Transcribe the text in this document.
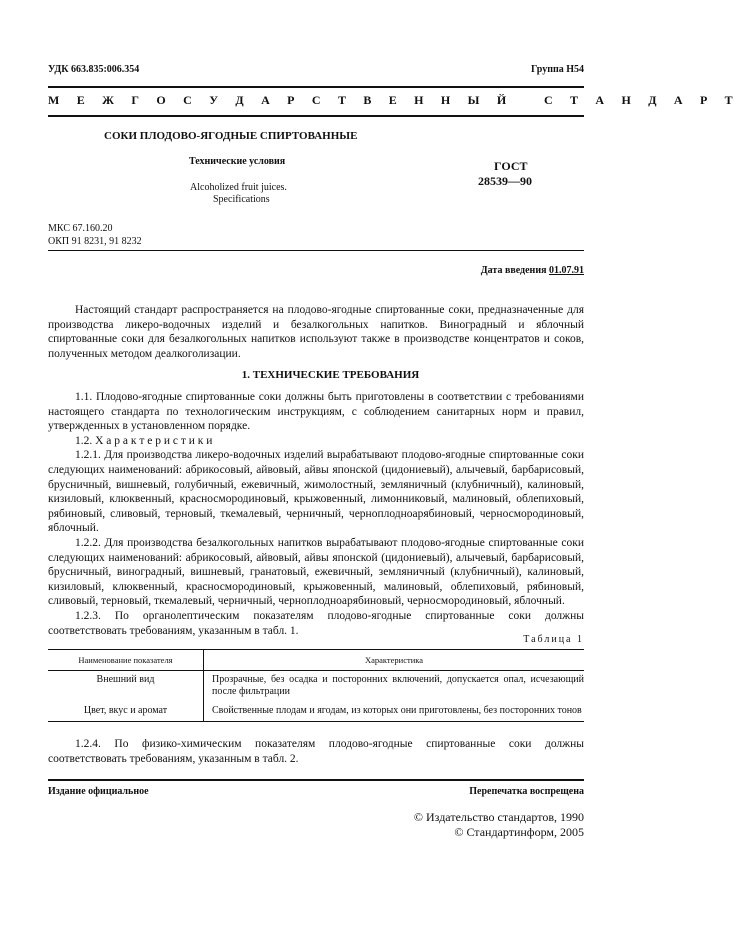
УДК 663.835:006.354	Группа Н54
М Е Ж Г О С У Д А Р С Т В Е Н Н Ы Й   С Т А Н Д А Р Т
СОКИ ПЛОДОВО-ЯГОДНЫЕ СПИРТОВАННЫЕ
Технические условия
Alcoholized fruit juices.
Specifications
ГОСТ
28539—90
МКС 67.160.20
ОКП 91 8231, 91 8232
Дата введения 01.07.91

Настоящий стандарт распространяется на плодово-ягодные спиртованные соки, предназначенные для производства ликеро-водочных изделий и безалкогольных напитков. Виноградный и яблочный спиртованные соки для безалкогольных напитков используют также в производстве концентратов и соков, полученных методом деалкоголизации.

1. ТЕХНИЧЕСКИЕ ТРЕБОВАНИЯ

1.1. Плодово-ягодные спиртованные соки должны быть приготовлены в соответствии с требованиями настоящего стандарта по технологическим инструкциям, с соблюдением санитарных норм и правил, утвержденных в установленном порядке.

1.2. Х а р а к т е р и с т и к и

1.2.1. Для производства ликеро-водочных изделий вырабатывают плодово-ягодные спиртованные соки следующих наименований: абрикосовый, айвовый, айвы японской (цидониевый), алычевый, барбарисовый, брусничный, вишневый, голубичный, ежевичный, жимолостный, земляничный (клубничный), калиновый, кизиловый, клюквенный, красносмородиновый, крыжовенный, лимонниковый, малиновый, облепиховый, рябиновый, сливовый, терновый, ткемалевый, черничный, черноплодноарябиновый, черносмородиновый, яблочный.

1.2.2. Для производства безалкогольных напитков вырабатывают плодово-ягодные спиртованные соки следующих наименований: абрикосовый, айвовый, айвы японской (цидониевый), алычевый, барбарисовый, брусничный, виноградный, вишневый, гранатовый, ежевичный, земляничный (клубничный), калиновый, кизиловый, клюквенный, красносмородиновый, крыжовенный, малиновый, облепиховый, рябиновый, сливовый, терновый, ткемалевый, черничный, черноплодноарябиновый, черносмородиновый, яблочный.

1.2.3. По органолептическим показателям плодово-ягодные спиртованные соки должны соответствовать требованиям, указанным в табл. 1.

Таблица 1
Наименование показателя	Характеристика
Внешний вид	Прозрачные, без осадка и посторонних включений, допускается опал, исчезающий после фильтрации
Цвет, вкус и аромат	Свойственные плодам и ягодам, из которых они приготовлены, без посторонних тонов

1.2.4. По физико-химическим показателям плодово-ягодные спиртованные соки должны соответствовать требованиям, указанным в табл. 2.

Издание официальное	Перепечатка воспрещена
© Издательство стандартов, 1990
© Стандартинформ, 2005
